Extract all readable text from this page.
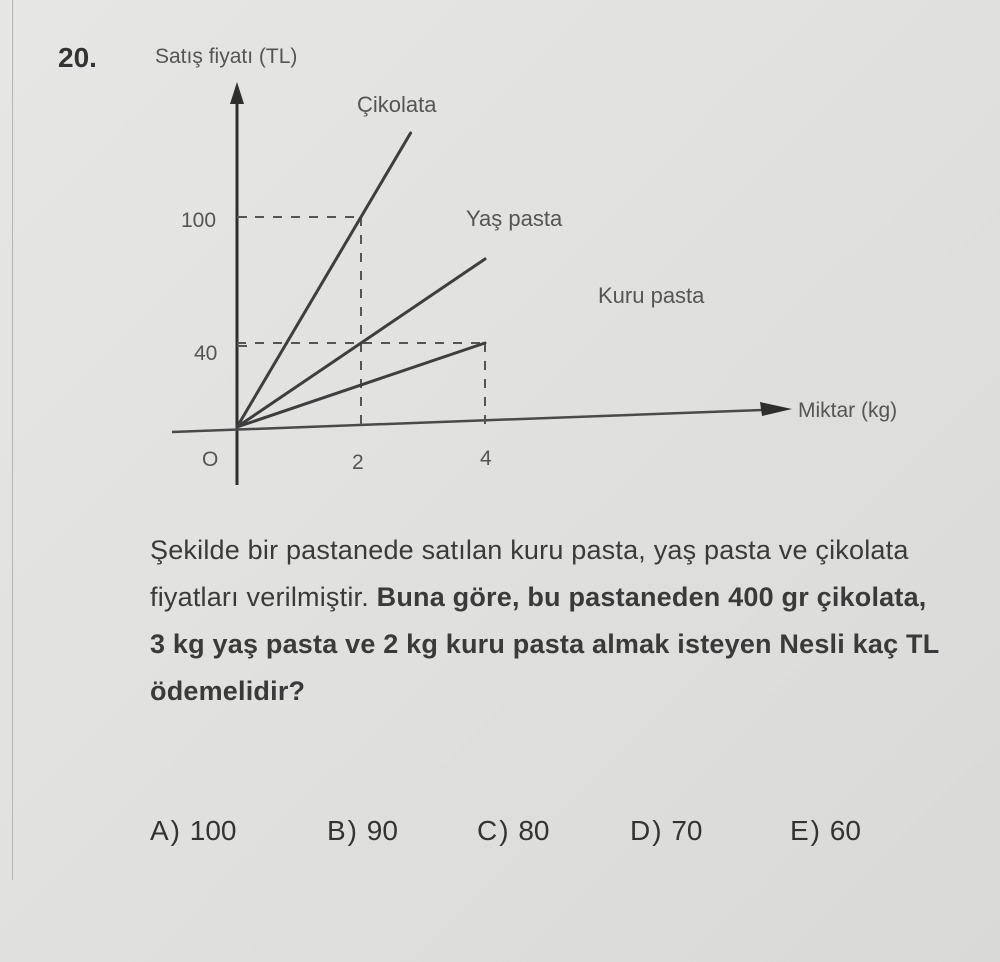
20.	Satış fiyatı (TL)
Miktar (kg)
O	2	4
40
100
Çikolata
Yaş pasta
Kuru pasta
Şekilde bir pastanede satılan kuru pasta, yaş pasta ve çikolata fiyatları verilmiştir. Buna göre, bu pastaneden 400 gr çikolata, 3 kg yaş pasta ve 2 kg kuru pasta almak isteyen Nesli kaç TL ödemelidir?
A) 100	B) 90	C) 80	D) 70	E) 60
